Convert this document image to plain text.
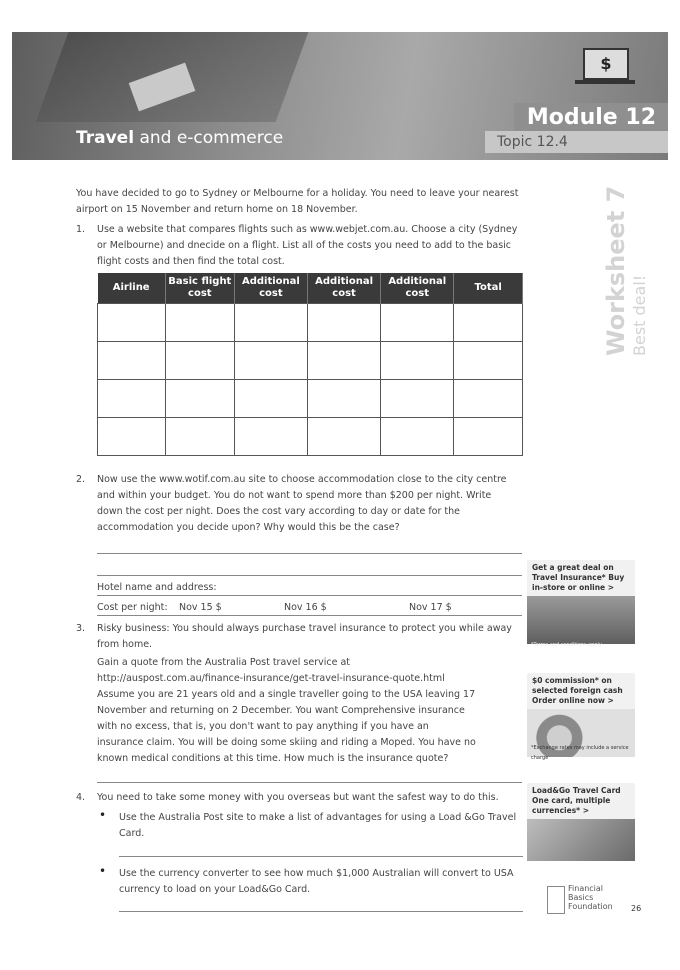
$
Module 12
Topic 12.4
Travel and e-commerce
Worksheet 7
Best deal!
You have decided to go to Sydney or Melbourne for a holiday. You need to leave your nearest airport on 15 November and return home on 18 November.
1. Use a website that compares flights such as www.webjet.com.au. Choose a city (Sydney or Melbourne) and dnecide on a flight. List all of the costs you need to add to the basic flight costs and then find the total cost.
Airline	Basic flight cost	Additional cost	Additional cost	Additional cost	Total

2. Now use the www.wotif.com.au site to choose accommodation close to the city centre and within your budget. You do not want to spend more than $200 per night. Write down the cost per night. Does the cost vary according to day or date for the accommodation you decide upon? Why would this be the case?
Hotel name and address:
Cost per night: Nov 15 $	Nov 16 $	Nov 17 $
3. Risky business: You should always purchase travel insurance to protect you while away from home.
Gain a quote from the Australia Post travel service at http://auspost.com.au/finance-insurance/get-travel-insurance-quote.html Assume you are 21 years old and a single traveller going to the USA leaving 17 November and returning on 2 December. You want Comprehensive insurance with no excess, that is, you don't want to pay anything if you have an insurance claim. You will be doing some skiing and riding a Moped. You have no known medical conditions at this time. How much is the insurance quote?
4. You need to take some money with you overseas but want the safest way to do this.
• Use the Australia Post site to make a list of advantages for using a Load &Go Travel Card.
• Use the currency converter to see how much $1,000 Australian will convert to USA currency to load on your Load&Go Card.
Get a great deal on Travel Insurance* Buy in-store or online >
*Terms and conditions apply
$0 commission* on selected foreign cash Order online now >
*Exchange rates may include a service charge
Load&Go Travel Card One card, multiple currencies* >
Financial
Basics
Foundation 26
